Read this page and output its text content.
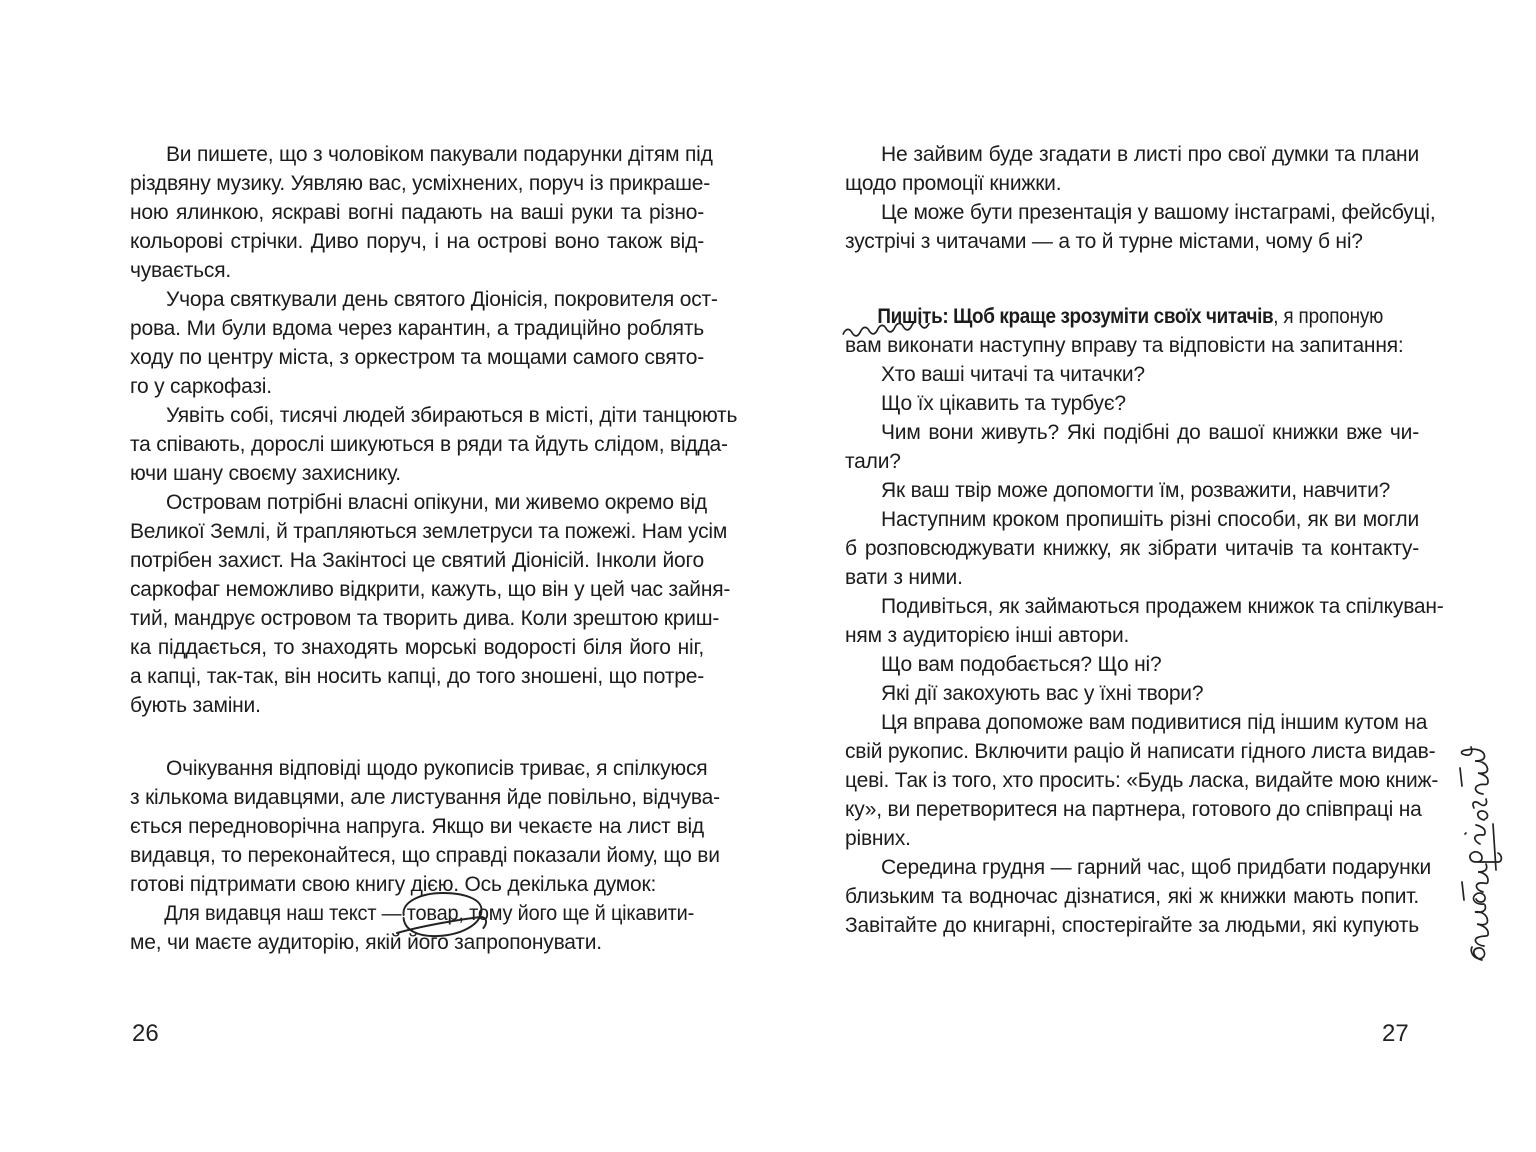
Ви пишете, що з чоловіком пакували подарунки дітям під
різдвяну музику. Уявляю вас, усміхнених, поруч із прикраше-
ною ялинкою, яскраві вогні падають на ваші руки та різно-
кольорові стрічки. Диво поруч, і на острові воно також від-
чувається.
Учора святкували день святого Діонісія, покровителя ост-
рова. Ми були вдома через карантин, а традиційно роблять
ходу по центру міста, з оркестром та мощами самого свято-
го у саркофазі.
Уявіть собі, тисячі людей збираються в місті, діти танцюють
та співають, дорослі шикуються в ряди та йдуть слідом, відда-
ючи шану своєму захиснику.
Островам потрібні власні опікуни, ми живемо окремо від
Великої Землі, й трапляються землетруси та пожежі. Нам усім
потрібен захист. На Закінтосі це святий Діонісій. Інколи його
саркофаг неможливо відкрити, кажуть, що він у цей час зайня-
тий, мандрує островом та творить дива. Коли зрештою криш-
ка піддається, то знаходять морські водорості біля його ніг,
а капці, так-так, він носить капці, до того зношені, що потре-
бують заміни.
Очікування відповіді щодо рукописів триває, я спілкуюся
з кількома видавцями, але листування йде повільно, відчува-
ється передноворічна напруга. Якщо ви чекаєте на лист від
видавця, то переконайтеся, що справді показали йому, що ви
готові підтримати свою книгу дією. Ось декілька думок:
Для видавця наш текст — товар,
тому його ще й цікавити-
ме, чи маєте аудиторію, якій його запропонувати.
26
Не зайвим буде згадати в листі про свої думки та плани
щодо промоції книжки.
Це може бути презентація у вашому інстаграмі, фейсбуці,
зустрічі з читачами — а то й турне містами, чому б ні?
Пишіть: Щоб краще зрозуміти своїх читачів
, я пропоную
вам виконати наступну вправу та відповісти на запитання:
Хто ваші читачі та читачки?
Що їх цікавить та турбує?
Чим вони живуть? Які подібні до вашої книжки вже чи-
тали?
Як ваш твір може допомогти їм, розважити, навчити?
Наступним кроком пропишіть різні способи, як ви могли
б розповсюджувати книжку, як зібрати читачів та контакту-
вати з ними.
Подивіться, як займаються продажем книжок та спілкуван-
ням з аудиторією інші автори.
Що вам подобається? Що ні?
Які дії закохують вас у їхні твори?
Ця вправа допоможе вам подивитися під іншим кутом на
свій рукопис. Включити раціо й написати гідного листа видав-
цеві. Так із того, хто просить: «Будь ласка, видайте мою книж-
ку», ви перетворитеся на партнера, готового до співпраці на
рівних.
Середина грудня — гарний час, щоб придбати подарунки
близьким та водночас дізнатися, які ж книжки мають попит.
Завітайте до книгарні, спостерігайте за людьми, які купують
27
